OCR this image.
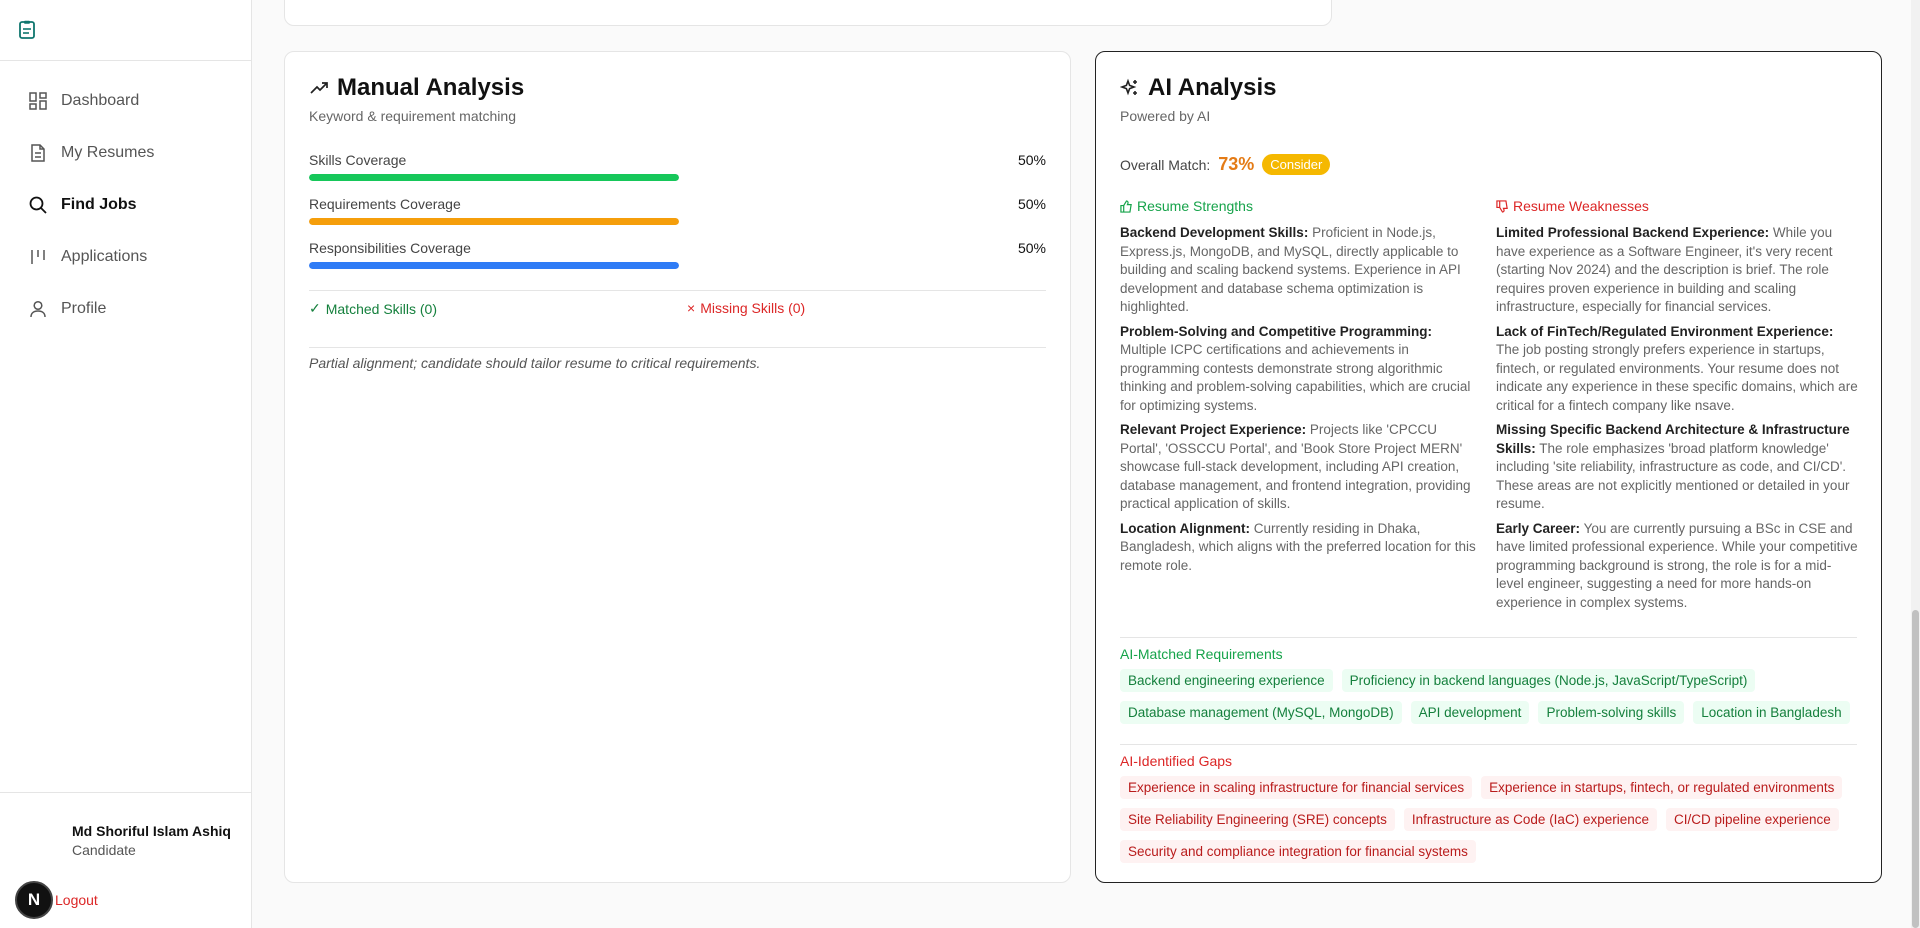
Dashboard
My Resumes
Find Jobs
Applications
Profile
Md Shoriful Islam Ashiq
Candidate
N	Logout
Manual Analysis
Keyword & requirement matching
Skills Coverage	50%
Requirements Coverage	50%
Responsibilities Coverage	50%
✓ Matched Skills (0)	× Missing Skills (0)
Partial alignment; candidate should tailor resume to critical requirements.
AI Analysis
Powered by AI
Overall Match: 73%	Consider
Resume Strengths	Resume Weaknesses

Backend Development Skills: Proficient in Node.js, Express.js, MongoDB, and MySQL, directly applicable to building and scaling backend systems. Experience in API development and database schema optimization is highlighted.

Problem-Solving and Competitive Programming: Multiple ICPC certifications and achievements in programming contests demonstrate strong algorithmic thinking and problem-solving capabilities, which are crucial for optimizing systems.

Relevant Project Experience: Projects like 'CPCCU Portal', 'OSSCCU Portal', and 'Book Store Project MERN' showcase full-stack development, including API creation, database management, and frontend integration, providing practical application of skills.

Location Alignment: Currently residing in Dhaka, Bangladesh, which aligns with the preferred location for this remote role.

Limited Professional Backend Experience: While you have experience as a Software Engineer, it's very recent (starting Nov 2024) and the description is brief. The role requires proven experience in building and scaling infrastructure, especially for financial services.

Lack of FinTech/Regulated Environment Experience: The job posting strongly prefers experience in startups, fintech, or regulated environments. Your resume does not indicate any experience in these specific domains, which are critical for a fintech company like nsave.

Missing Specific Backend Architecture & Infrastructure Skills: The role emphasizes 'broad platform knowledge' including 'site reliability, infrastructure as code, and CI/CD'. These areas are not explicitly mentioned or detailed in your resume.

Early Career: You are currently pursuing a BSc in CSE and have limited professional experience. While your competitive programming background is strong, the role is for a mid-level engineer, suggesting a need for more hands-on experience in complex systems.

AI-Matched Requirements
Backend engineering experience	Proficiency in backend languages (Node.js, JavaScript/TypeScript)
Database management (MySQL, MongoDB)	API development	Problem-solving skills	Location in Bangladesh
AI-Identified Gaps
Experience in scaling infrastructure for financial services	Experience in startups, fintech, or regulated environments
Site Reliability Engineering (SRE) concepts	Infrastructure as Code (IaC) experience	CI/CD pipeline experience
Security and compliance integration for financial systems
